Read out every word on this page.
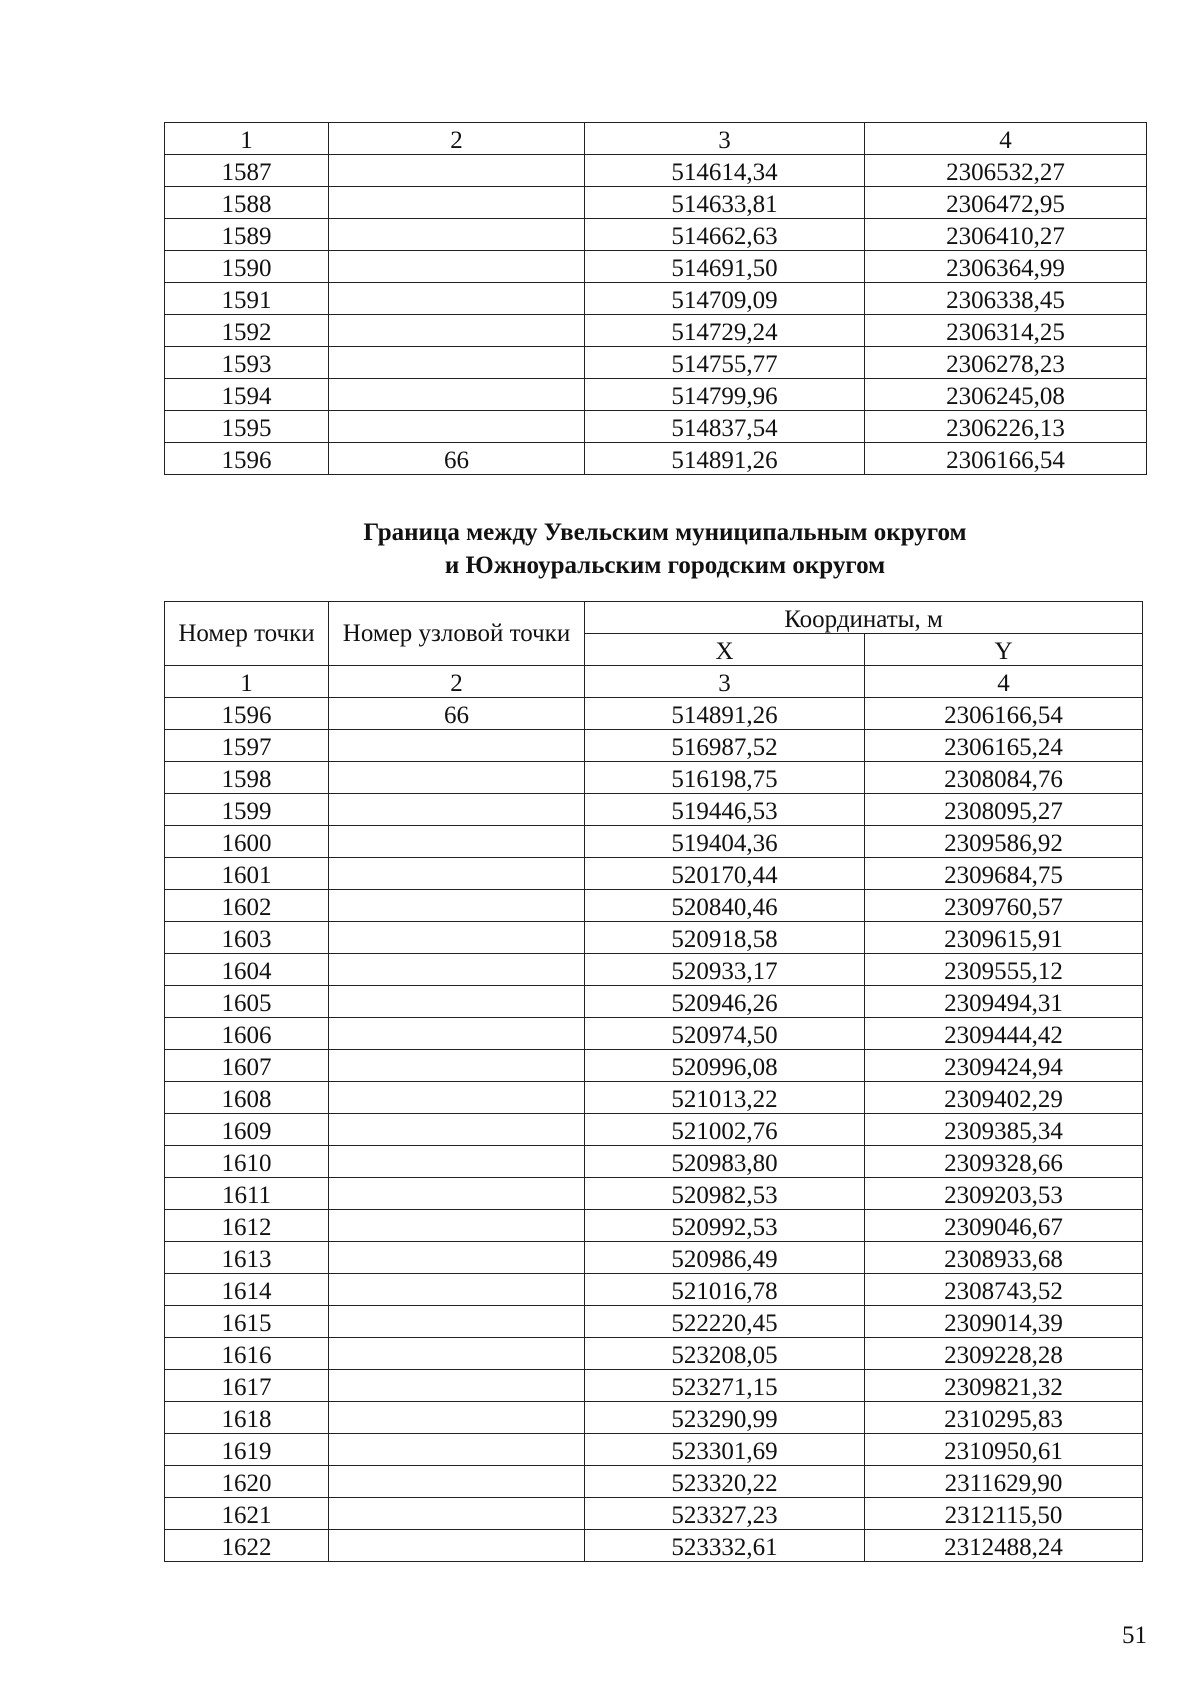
1	2	3	4
1587		514614,34	2306532,27
1588		514633,81	2306472,95
1589		514662,63	2306410,27
1590		514691,50	2306364,99
1591		514709,09	2306338,45
1592		514729,24	2306314,25
1593		514755,77	2306278,23
1594		514799,96	2306245,08
1595		514837,54	2306226,13
1596	66	514891,26	2306166,54
Граница между Увельским муниципальным округом
и Южноуральским городским округом
Номер точки	Номер узловой точки	Координаты, м	
		X	Y
1	2	3	4
1596	66	514891,26	2306166,54
1597		516987,52	2306165,24
1598		516198,75	2308084,76
1599		519446,53	2308095,27
1600		519404,36	2309586,92
1601		520170,44	2309684,75
1602		520840,46	2309760,57
1603		520918,58	2309615,91
1604		520933,17	2309555,12
1605		520946,26	2309494,31
1606		520974,50	2309444,42
1607		520996,08	2309424,94
1608		521013,22	2309402,29
1609		521002,76	2309385,34
1610		520983,80	2309328,66
1611		520982,53	2309203,53
1612		520992,53	2309046,67
1613		520986,49	2308933,68
1614		521016,78	2308743,52
1615		522220,45	2309014,39
1616		523208,05	2309228,28
1617		523271,15	2309821,32
1618		523290,99	2310295,83
1619		523301,69	2310950,61
1620		523320,22	2311629,90
1621		523327,23	2312115,50
1622		523332,61	2312488,24
51
